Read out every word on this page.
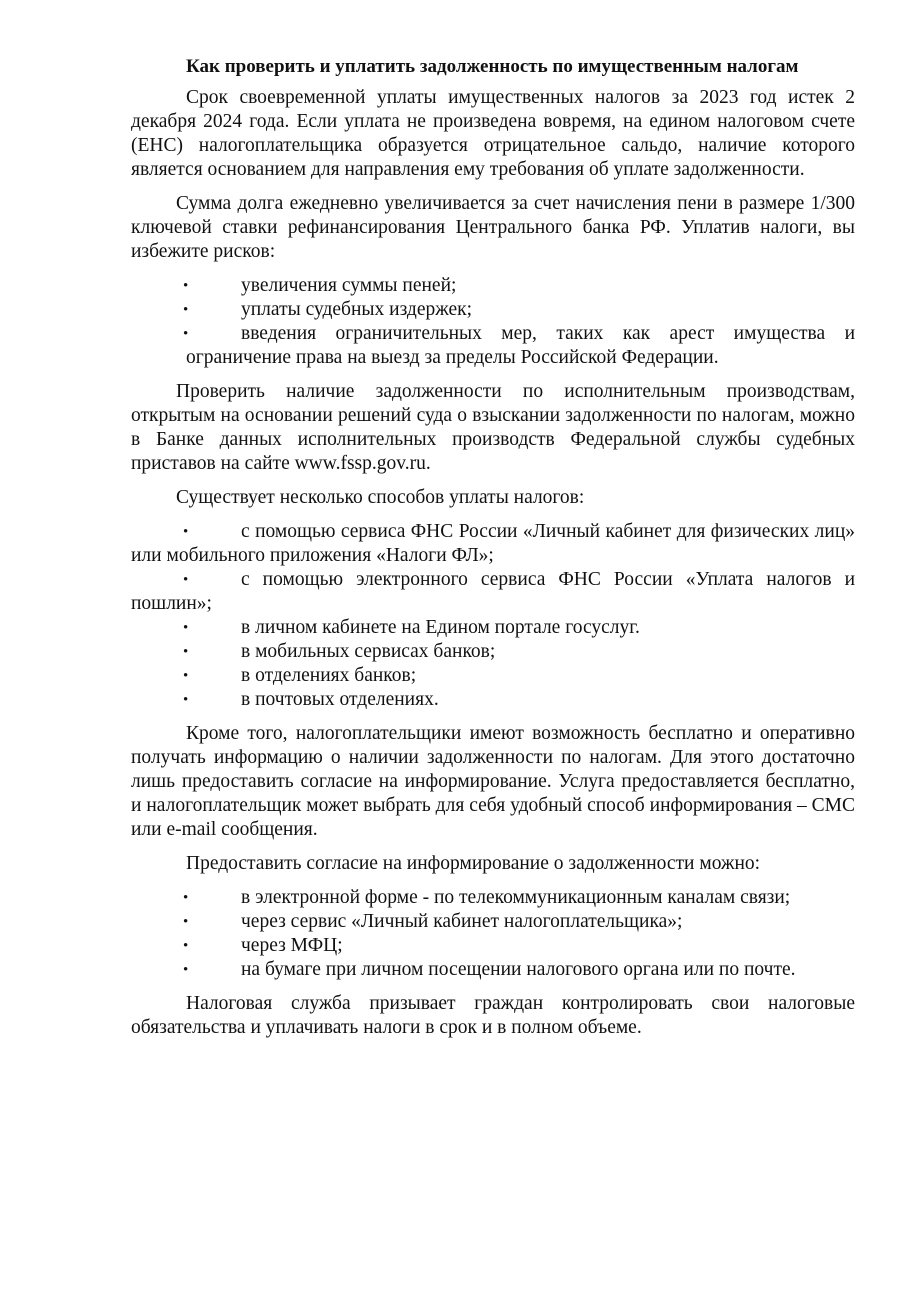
Как проверить и уплатить задолженность по имущественным налогам

Срок своевременной уплаты имущественных налогов за 2023 год истек 2 декабря 2024 года. Если уплата не произведена вовремя, на едином налоговом счете (ЕНС) налогоплательщика образуется отрицательное сальдо, наличие которого является основанием для направления ему требования об уплате задолженности.

Сумма долга ежедневно увеличивается за счет начисления пени в размере 1/300 ключевой ставки рефинансирования Центрального банка РФ. Уплатив налоги, вы избежите рисков:

•	увеличения суммы пеней;
•	уплаты судебных издержек;
•	введения ограничительных мер, таких как арест имущества и ограничение права на выезд за пределы Российской Федерации.

Проверить наличие задолженности по исполнительным производствам, открытым на основании решений суда о взыскании задолженности по налогам, можно в Банке данных исполнительных производств Федеральной службы судебных приставов на сайте www.fssp.gov.ru.

Существует несколько способов уплаты налогов:

•	с помощью сервиса ФНС России «Личный кабинет для физических лиц» или мобильного приложения «Налоги ФЛ»;
•	с помощью электронного сервиса ФНС России «Уплата налогов и пошлин»;
•	в личном кабинете на Едином портале госуслуг.
•	в мобильных сервисах банков;
•	в отделениях банков;
•	в почтовых отделениях.

Кроме того, налогоплательщики имеют возможность бесплатно и оперативно получать информацию о наличии задолженности по налогам. Для этого достаточно лишь предоставить согласие на информирование. Услуга предоставляется бесплатно, и налогоплательщик может выбрать для себя удобный способ информирования – СМС или e-mail сообщения.

Предоставить согласие на информирование о задолженности можно:

•	в электронной форме - по телекоммуникационным каналам связи;
•	через сервис «Личный кабинет налогоплательщика»;
•	через МФЦ;
•	на бумаге при личном посещении налогового органа или по почте.

Налоговая служба призывает граждан контролировать свои налоговые обязательства и уплачивать налоги в срок и в полном объеме.
